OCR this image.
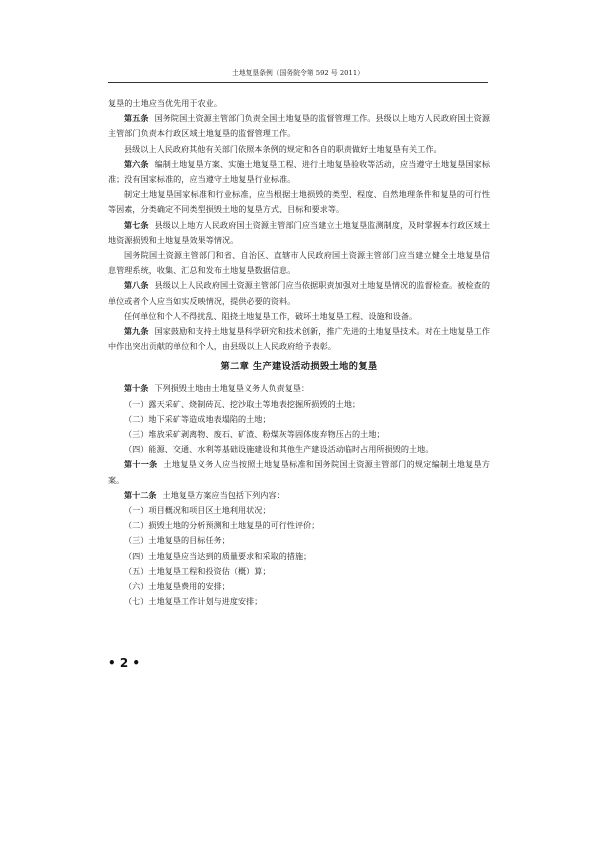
土地复垦条例（国务院令第 592 号 2011）

复垦的土地应当优先用于农业。

第五条 国务院国土资源主管部门负责全国土地复垦的监督管理工作。县级以上地方人民政府国土资源主管部门负责本行政区域土地复垦的监督管理工作。

县级以上人民政府其他有关部门依照本条例的规定和各自的职责做好土地复垦有关工作。

第六条 编制土地复垦方案、实施土地复垦工程、进行土地复垦验收等活动，应当遵守土地复垦国家标准；没有国家标准的，应当遵守土地复垦行业标准。

制定土地复垦国家标准和行业标准，应当根据土地损毁的类型、程度、自然地理条件和复垦的可行性等因素，分类确定不同类型损毁土地的复垦方式、目标和要求等。

第七条 县级以上地方人民政府国土资源主管部门应当建立土地复垦监测制度，及时掌握本行政区域土地资源损毁和土地复垦效果等情况。

国务院国土资源主管部门和省、自治区、直辖市人民政府国土资源主管部门应当建立健全土地复垦信息管理系统，收集、汇总和发布土地复垦数据信息。

第八条 县级以上人民政府国土资源主管部门应当依据职责加强对土地复垦情况的监督检查。被检查的单位或者个人应当如实反映情况，提供必要的资料。

任何单位和个人不得扰乱、阻挠土地复垦工作，破坏土地复垦工程、设施和设备。

第九条 国家鼓励和支持土地复垦科学研究和技术创新，推广先进的土地复垦技术。对在土地复垦工作中作出突出贡献的单位和个人，由县级以上人民政府给予表彰。

第二章 生产建设活动损毁土地的复垦

第十条 下列损毁土地由土地复垦义务人负责复垦：

（一）露天采矿、烧制砖瓦、挖沙取土等地表挖掘所损毁的土地；

（二）地下采矿等造成地表塌陷的土地；

（三）堆放采矿剥离物、废石、矿渣、粉煤灰等固体废弃物压占的土地；

（四）能源、交通、水利等基础设施建设和其他生产建设活动临时占用所损毁的土地。

第十一条 土地复垦义务人应当按照土地复垦标准和国务院国土资源主管部门的规定编制土地复垦方案。

第十二条 土地复垦方案应当包括下列内容：

（一）项目概况和项目区土地利用状况；

（二）损毁土地的分析预测和土地复垦的可行性评价；

（三）土地复垦的目标任务；

（四）土地复垦应当达到的质量要求和采取的措施；

（五）土地复垦工程和投资估（概）算；

（六）土地复垦费用的安排；

（七）土地复垦工作计划与进度安排；

• 2 •
